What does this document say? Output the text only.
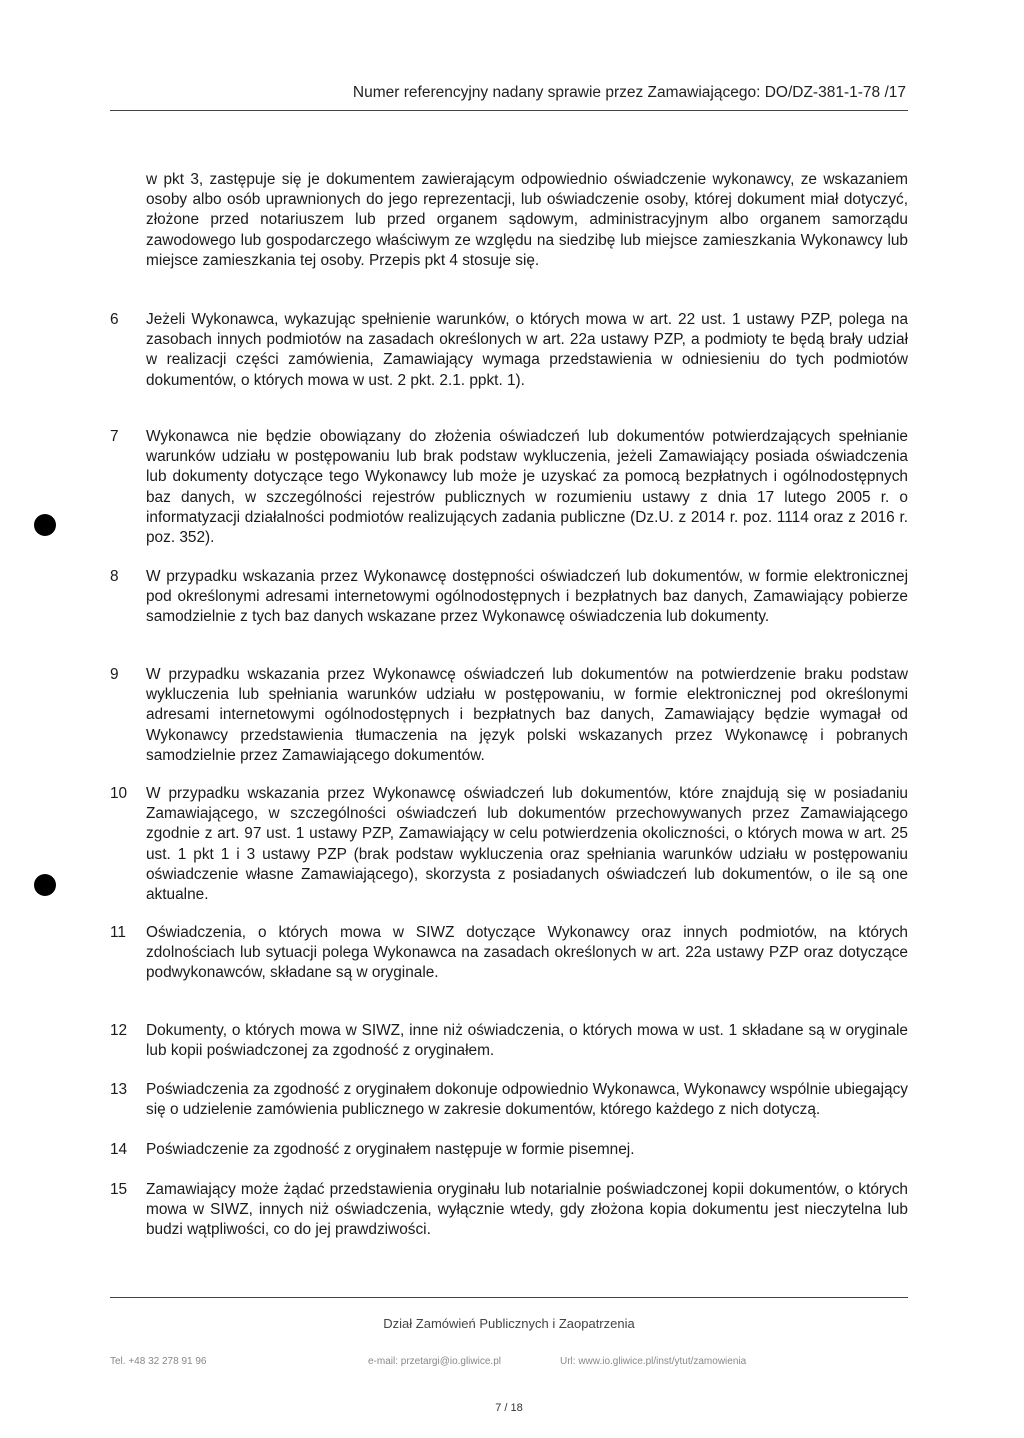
Numer referencyjny nadany sprawie przez Zamawiającego: DO/DZ-381-1-78 /17
w pkt 3, zastępuje się je dokumentem zawierającym odpowiednio oświadczenie wykonawcy, ze wskazaniem osoby albo osób uprawnionych do jego reprezentacji, lub oświadczenie osoby, której dokument miał dotyczyć, złożone przed notariuszem lub przed organem sądowym, administracyjnym albo organem samorządu zawodowego lub gospodarczego właściwym ze względu na siedzibę lub miejsce zamieszkania Wykonawcy lub miejsce zamieszkania tej osoby. Przepis pkt 4 stosuje się.
6	Jeżeli Wykonawca, wykazując spełnienie warunków, o których mowa w art. 22 ust. 1 ustawy PZP, polega na zasobach innych podmiotów na zasadach określonych w art. 22a ustawy PZP, a podmioty te będą brały udział w realizacji części zamówienia, Zamawiający wymaga przedstawienia w odniesieniu do tych podmiotów dokumentów, o których mowa w ust. 2 pkt. 2.1. ppkt. 1).
7	Wykonawca nie będzie obowiązany do złożenia oświadczeń lub dokumentów potwierdzających spełnianie warunków udziału w postępowaniu lub brak podstaw wykluczenia, jeżeli Zamawiający posiada oświadczenia lub dokumenty dotyczące tego Wykonawcy lub może je uzyskać za pomocą bezpłatnych i ogólnodostępnych baz danych, w szczególności rejestrów publicznych w rozumieniu ustawy z dnia 17 lutego 2005 r. o informatyzacji działalności podmiotów realizujących zadania publiczne (Dz.U. z 2014 r. poz. 1114 oraz z 2016 r. poz. 352).
8	W przypadku wskazania przez Wykonawcę dostępności oświadczeń lub dokumentów, w formie elektronicznej pod określonymi adresami internetowymi ogólnodostępnych i bezpłatnych baz danych, Zamawiający pobierze samodzielnie z tych baz danych wskazane przez Wykonawcę oświadczenia lub dokumenty.
9	W przypadku wskazania przez Wykonawcę oświadczeń lub dokumentów na potwierdzenie braku podstaw wykluczenia lub spełniania warunków udziału w postępowaniu, w formie elektronicznej pod określonymi adresami internetowymi ogólnodostępnych i bezpłatnych baz danych, Zamawiający będzie wymagał od Wykonawcy przedstawienia tłumaczenia na język polski wskazanych przez Wykonawcę i pobranych samodzielnie przez Zamawiającego dokumentów.
10	W przypadku wskazania przez Wykonawcę oświadczeń lub dokumentów, które znajdują się w posiadaniu Zamawiającego, w szczególności oświadczeń lub dokumentów przechowywanych przez Zamawiającego zgodnie z art. 97 ust. 1 ustawy PZP, Zamawiający w celu potwierdzenia okoliczności, o których mowa w art. 25 ust. 1 pkt 1 i 3 ustawy PZP (brak podstaw wykluczenia oraz spełniania warunków udziału w postępowaniu oświadczenie własne Zamawiającego), skorzysta z posiadanych oświadczeń lub dokumentów, o ile są one aktualne.
11	Oświadczenia, o których mowa w SIWZ dotyczące Wykonawcy oraz innych podmiotów, na których zdolnościach lub sytuacji polega Wykonawca na zasadach określonych w art. 22a ustawy PZP oraz dotyczące podwykonawców, składane są w oryginale.
12	Dokumenty, o których mowa w SIWZ, inne niż oświadczenia, o których mowa w ust. 1 składane są w oryginale lub kopii poświadczonej za zgodność z oryginałem.
13	Poświadczenia za zgodność z oryginałem dokonuje odpowiednio Wykonawca, Wykonawcy wspólnie ubiegający się o udzielenie zamówienia publicznego w zakresie dokumentów, którego każdego z nich dotyczą.
14	Poświadczenie za zgodność z oryginałem następuje w formie pisemnej.
15	Zamawiający może żądać przedstawienia oryginału lub notarialnie poświadczonej kopii dokumentów, o których mowa w SIWZ, innych niż oświadczenia, wyłącznie wtedy, gdy złożona kopia dokumentu jest nieczytelna lub budzi wątpliwości, co do jej prawdziwości.
Dział Zamówień Publicznych i Zaopatrzenia
Tel. +48 32 278 91 96	e-mail: przetargi@io.gliwice.pl	Url: www.io.gliwice.pl/inst/ytut/zamowienia
7 / 18
